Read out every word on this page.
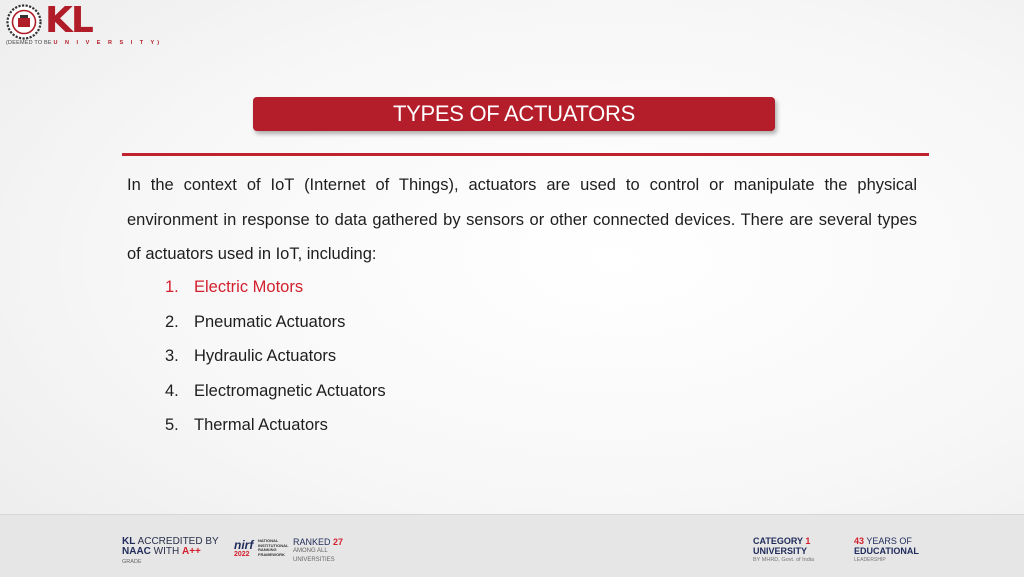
KL
(DEEMED TO BE U N I V E R S I T Y)
TYPES OF ACTUATORS
In the context of IoT (Internet of Things), actuators are used to control or manipulate the physical environment in response to data gathered by sensors or other connected devices. There are several types of actuators used in IoT, including:
1. Electric Motors
2. Pneumatic Actuators
3. Hydraulic Actuators
4. Electromagnetic Actuators
5. Thermal Actuators
KL ACCREDITED BY
NAAC WITH A++
GRADE
nirf
2022
NATIONAL INSTITUTIONAL RANKING FRAMEWORK
RANKED 27
AMONG ALL
UNIVERSITIES
CATEGORY 1
UNIVERSITY
BY MHRD, Govt. of India
43 YEARS OF
EDUCATIONAL
LEADERSHIP
